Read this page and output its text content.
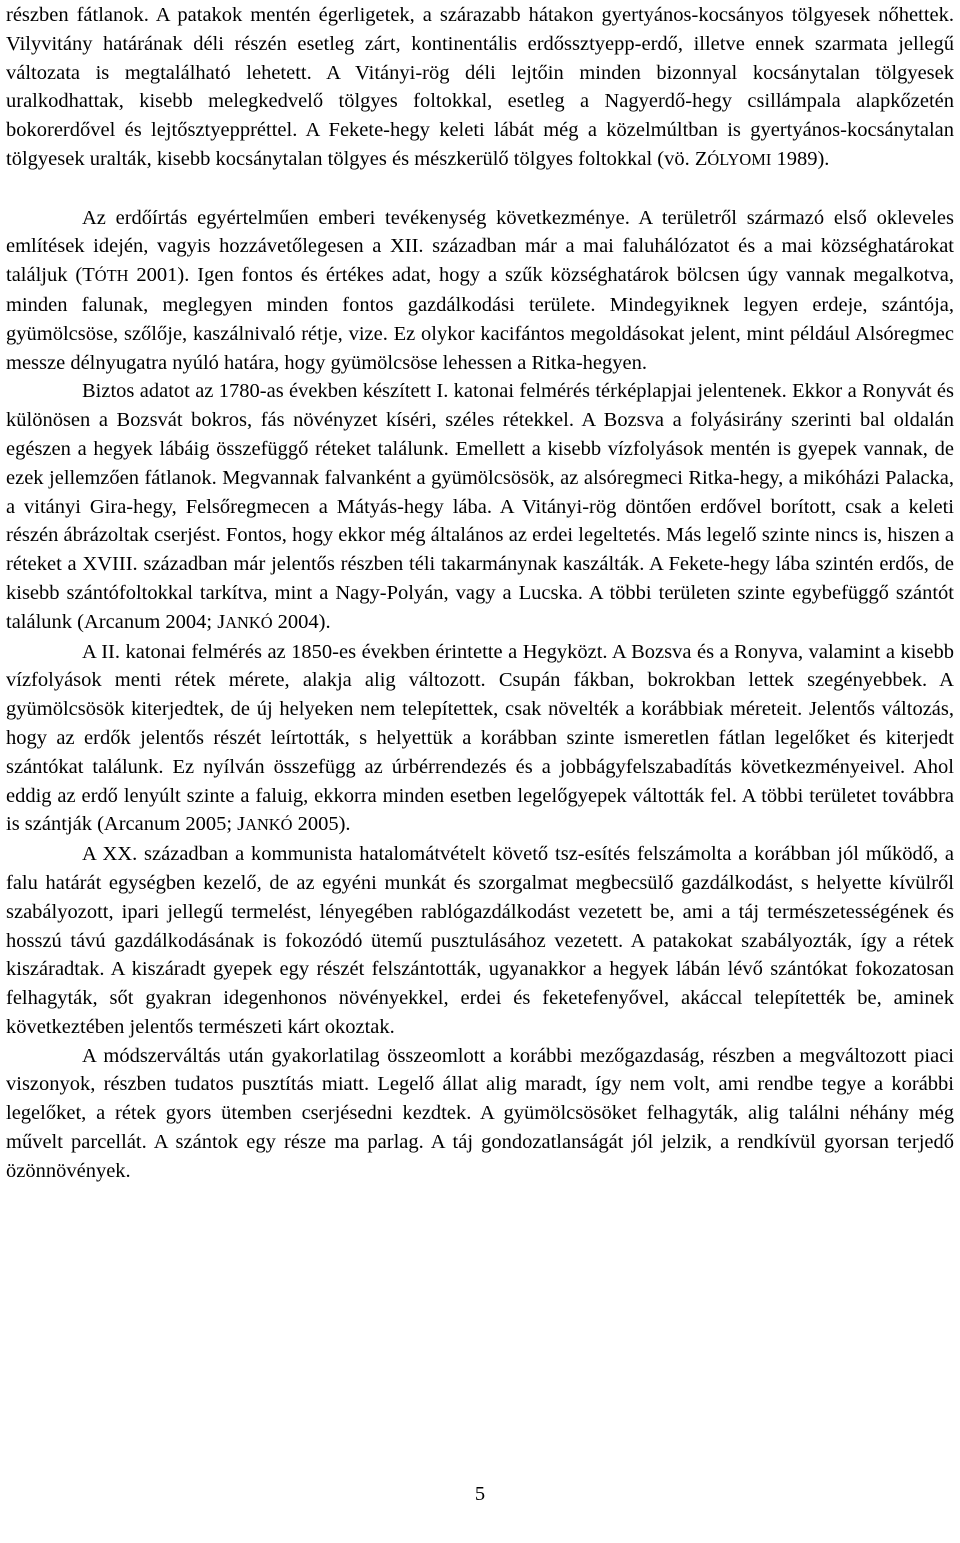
részben fátlanok. A patakok mentén égerligetek, a szárazabb hátakon gyertyános-kocsányos tölgyesek nőhettek. Vilyvitány határának déli részén esetleg zárt, kontinentális erdőssztyepp-erdő, illetve ennek szarmata jellegű változata is megtalálható lehetett. A Vitányi-rög déli lejtőin minden bizonnyal kocsánytalan tölgyesek uralkodhattak, kisebb melegkedvelő tölgyes foltokkal, esetleg a Nagyerdő-hegy csillámpala alapkőzetén bokorerdővel és lejtősztyeppréttel. A Fekete-hegy keleti lábát még a közelmúltban is gyertyános-kocsánytalan tölgyesek uralták, kisebb kocsánytalan tölgyes és mészkerülő tölgyes foltokkal (vö. ZÓLYOMI 1989).

Az erdőírtás egyértelműen emberi tevékenység következménye. A területről származó első okleveles említések idején, vagyis hozzávetőlegesen a XII. században már a mai faluhálózatot és a mai községhatárokat találjuk (TÓTH 2001). Igen fontos és értékes adat, hogy a szűk községhatárok bölcsen úgy vannak megalkotva, minden falunak, meglegyen minden fontos gazdálkodási területe. Mindegyiknek legyen erdeje, szántója, gyümölcsöse, szőlője, kaszálnivaló rétje, vize. Ez olykor kacifántos megoldásokat jelent, mint például Alsóregmec messze délnyugatra nyúló határa, hogy gyümölcsöse lehessen a Ritka-hegyen.

Biztos adatot az 1780-as években készített I. katonai felmérés térképlapjai jelentenek. Ekkor a Ronyvát és különösen a Bozsvát bokros, fás növényzet kíséri, széles rétekkel. A Bozsva a folyásirány szerinti bal oldalán egészen a hegyek lábáig összefüggő réteket találunk. Emellett a kisebb vízfolyások mentén is gyepek vannak, de ezek jellemzően fátlanok. Megvannak falvanként a gyümölcsösök, az alsóregmeci Ritka-hegy, a mikóházi Palacka, a vitányi Gira-hegy, Felsőregmecen a Mátyás-hegy lába. A Vitányi-rög döntően erdővel borított, csak a keleti részén ábrázoltak cserjést. Fontos, hogy ekkor még általános az erdei legeltetés. Más legelő szinte nincs is, hiszen a réteket a XVIII. században már jelentős részben téli takarmánynak kaszálták. A Fekete-hegy lába szintén erdős, de kisebb szántófoltokkal tarkítva, mint a Nagy-Polyán, vagy a Lucska. A többi területen szinte egybefüggő szántót találunk (Arcanum 2004; JANKÓ 2004).

A II. katonai felmérés az 1850-es években érintette a Hegyközt. A Bozsva és a Ronyva, valamint a kisebb vízfolyások menti rétek mérete, alakja alig változott. Csupán fákban, bokrokban lettek szegényebbek. A gyümölcsösök kiterjedtek, de új helyeken nem telepítettek, csak növelték a korábbiak méreteit. Jelentős változás, hogy az erdők jelentős részét leírtották, s helyettük a korábban szinte ismeretlen fátlan legelőket és kiterjedt szántókat találunk. Ez nyílván összefügg az úrbérrendezés és a jobbágyfelszabadítás következményeivel. Ahol eddig az erdő lenyúlt szinte a faluig, ekkorra minden esetben legelőgyepek váltották fel. A többi területet továbbra is szántják (Arcanum 2005; JANKÓ 2005).

A XX. században a kommunista hatalomátvételt követő tsz-esítés felszámolta a korábban jól működő, a falu határát egységben kezelő, de az egyéni munkát és szorgalmat megbecsülő gazdálkodást, s helyette kívülről szabályozott, ipari jellegű termelést, lényegében rablógazdálkodást vezetett be, ami a táj természetességének és hosszú távú gazdálkodásának is fokozódó ütemű pusztulásához vezetett. A patakokat szabályozták, így a rétek kiszáradtak. A kiszáradt gyepek egy részét felszántották, ugyanakkor a hegyek lábán lévő szántókat fokozatosan felhagyták, sőt gyakran idegenhonos növényekkel, erdei és feketefenyővel, akáccal telepítették be, aminek következtében jelentős természeti kárt okoztak.

A módszerváltás után gyakorlatilag összeomlott a korábbi mezőgazdaság, részben a megváltozott piaci viszonyok, részben tudatos pusztítás miatt. Legelő állat alig maradt, így nem volt, ami rendbe tegye a korábbi legelőket, a rétek gyors ütemben cserjésedni kezdtek. A gyümölcsösöket felhagyták, alig találni néhány még művelt parcellát. A szántok egy része ma parlag. A táj gondozatlanságát jól jelzik, a rendkívül gyorsan terjedő özönnövények.

5
